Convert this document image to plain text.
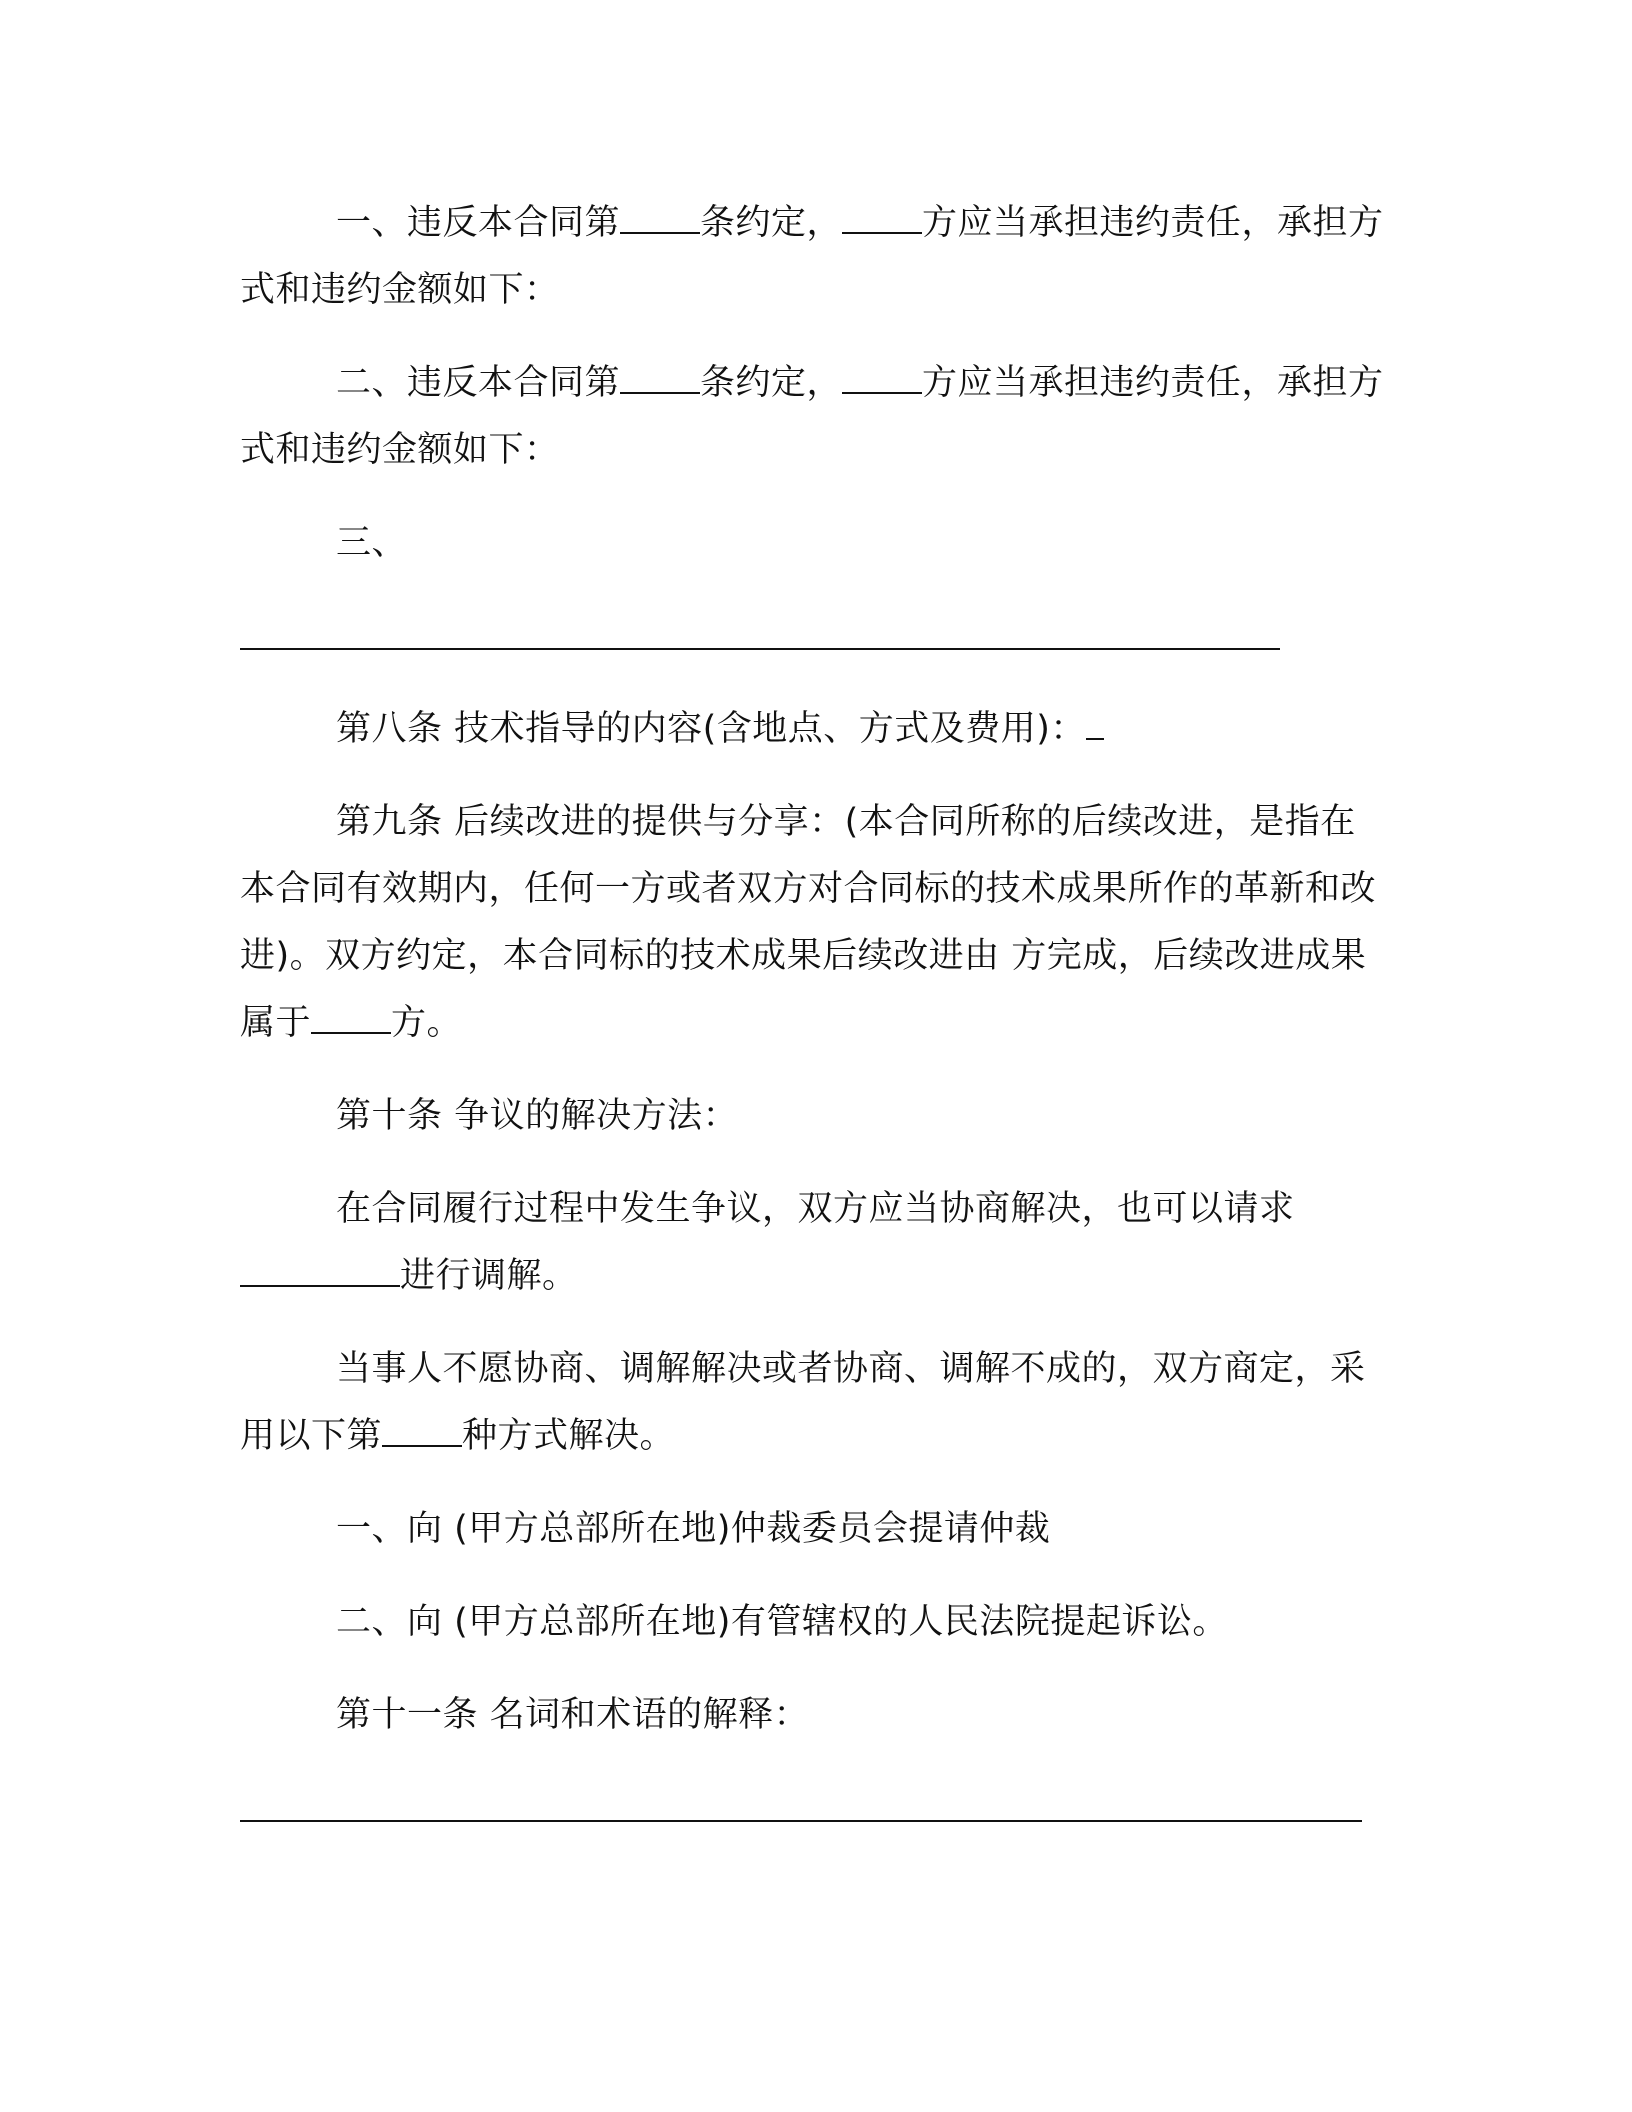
一、违反本合同第 条约定， 方应当承担违约责任，承担方式和违约金额如下：

二、违反本合同第 条约定， 方应当承担违约责任，承担方式和违约金额如下：

三、

第八条 技术指导的内容(含地点、方式及费用)：

第九条 后续改进的提供与分享：(本合同所称的后续改进，是指在本合同有效期内，任何一方或者双方对合同标的技术成果所作的革新和改进)。双方约定，本合同标的技术成果后续改进由 方完成，后续改进成果属于 方。

第十条 争议的解决方法：

在合同履行过程中发生争议，双方应当协商解决，也可以请求进行调解。

当事人不愿协商、调解解决或者协商、调解不成的，双方商定，采用以下第 种方式解决。

一、向 (甲方总部所在地)仲裁委员会提请仲裁

二、向 (甲方总部所在地)有管辖权的人民法院提起诉讼。

第十一条 名词和术语的解释：
